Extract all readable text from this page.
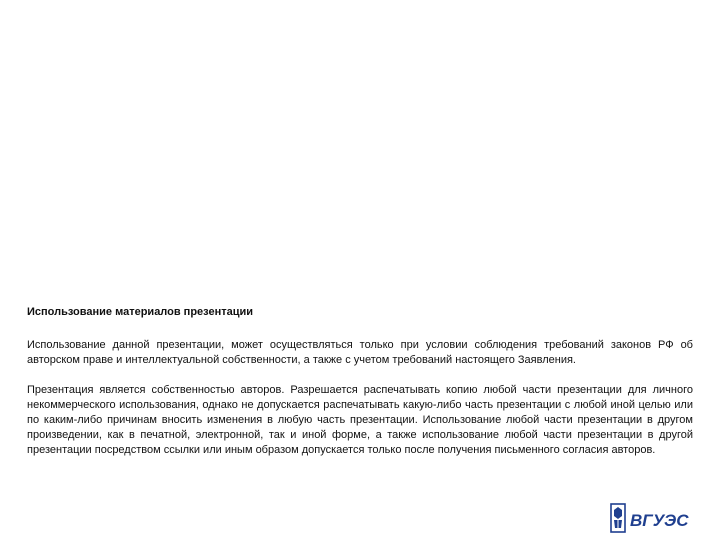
Использование материалов презентации

Использование данной презентации, может осуществляться только при условии соблюдения требований законов РФ об авторском праве и интеллектуальной собственности, а также с учетом требований настоящего Заявления.

Презентация является собственностью авторов. Разрешается распечатывать копию любой части презентации для личного некоммерческого использования, однако не допускается распечатывать какую-либо часть презентации с любой иной целью или по каким-либо причинам вносить изменения в любую часть презентации. Использование любой части презентации в другом произведении, как в печатной, электронной, так и иной форме, а также использование любой части презентации в другой презентации посредством ссылки или иным образом допускается только после получения письменного согласия авторов.

ВГУЭС
